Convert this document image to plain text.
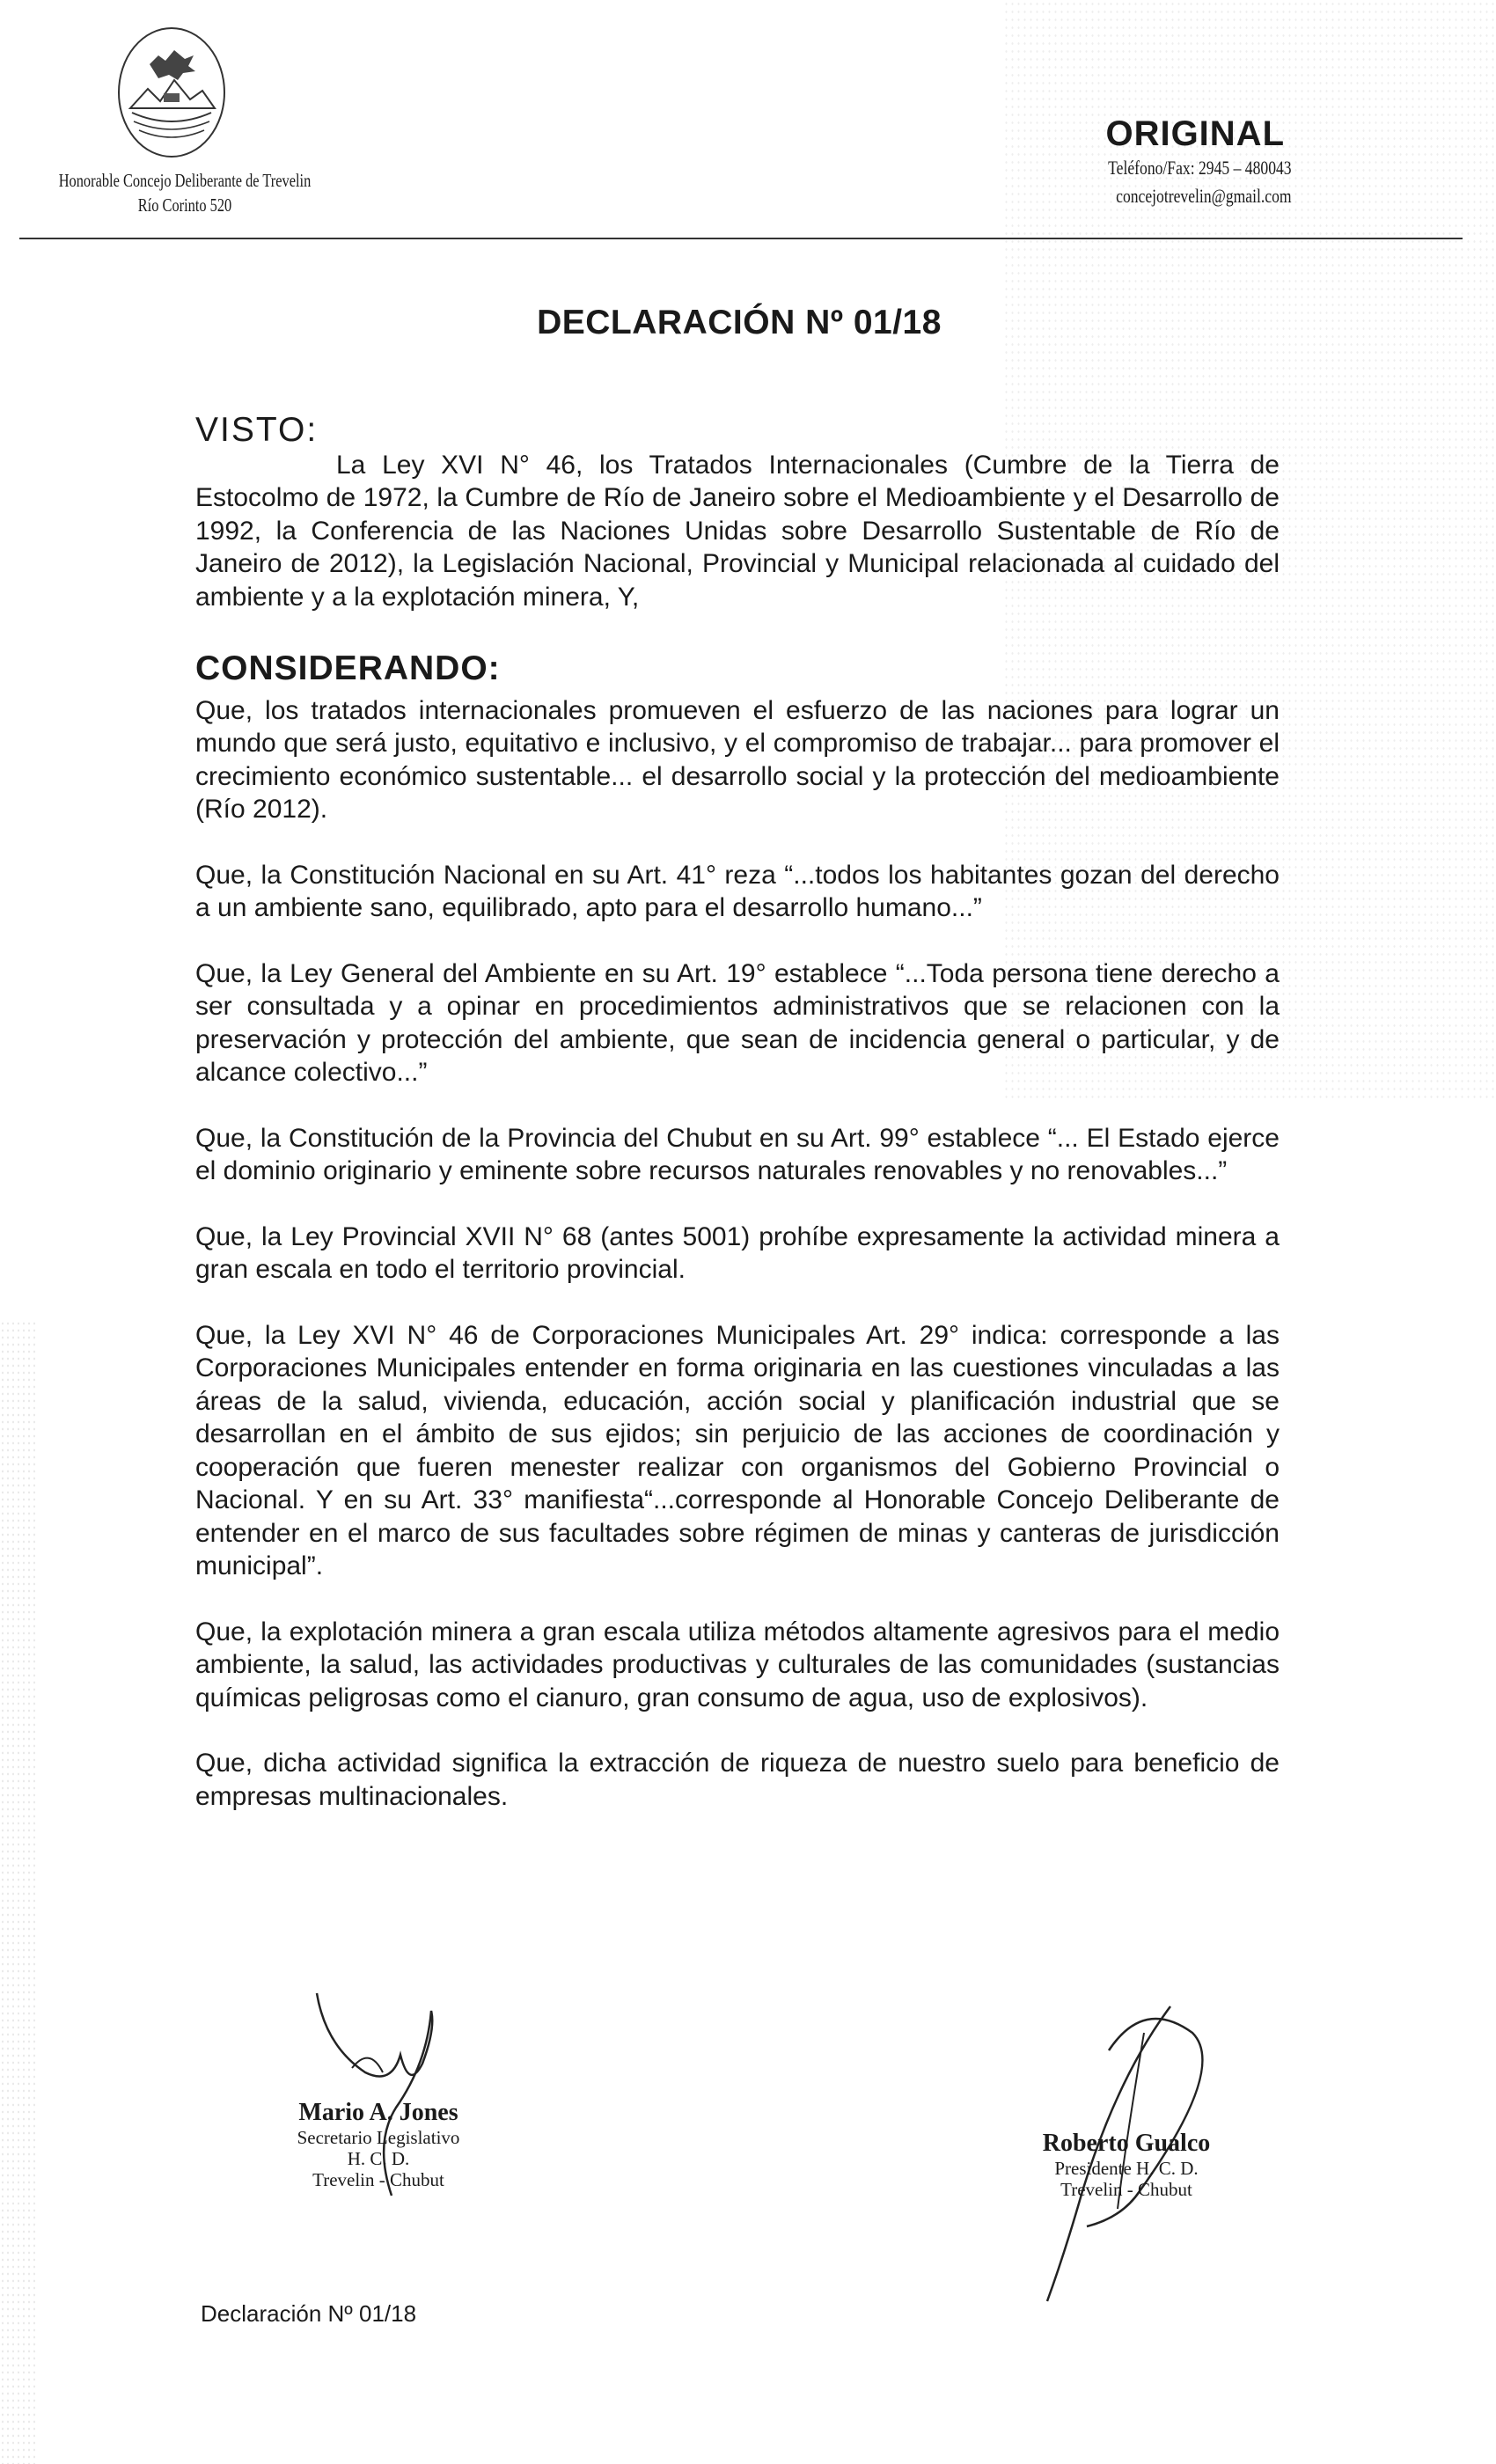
Honorable Concejo Deliberante de Trevelin
Río Corinto 520
ORIGINAL
Teléfono/Fax: 2945 – 480043
concejotrevelin@gmail.com
DECLARACIÓN Nº 01/18
VISTO:

La Ley XVI N° 46, los Tratados Internacionales (Cumbre de la Tierra de Estocolmo de 1972, la Cumbre de Río de Janeiro sobre el Medioambiente y el Desarrollo de 1992, la Conferencia de las Naciones Unidas sobre Desarrollo Sustentable de Río de Janeiro de 2012), la Legislación Nacional, Provincial y Municipal relacionada al cuidado del ambiente y a la explotación minera, Y,

CONSIDERANDO:

Que, los tratados internacionales promueven el esfuerzo de las naciones para lograr un mundo que será justo, equitativo e inclusivo, y el compromiso de trabajar... para promover el crecimiento económico sustentable... el desarrollo social y la protección del medioambiente (Río 2012).

Que, la Constitución Nacional en su Art. 41° reza “...todos los habitantes gozan del derecho a un ambiente sano, equilibrado, apto para el desarrollo humano...”

Que, la Ley General del Ambiente en su Art. 19° establece “...Toda persona tiene derecho a ser consultada y a opinar en procedimientos administrativos que se relacionen con la preservación y protección del ambiente, que sean de incidencia general o particular, y de alcance colectivo...”

Que, la Constitución de la Provincia del Chubut en su Art. 99° establece “... El Estado ejerce el dominio originario y eminente sobre recursos naturales renovables y no renovables...”

Que, la Ley Provincial XVII N° 68 (antes 5001) prohíbe expresamente la actividad minera a gran escala en todo el territorio provincial.

Que, la Ley XVI N° 46 de Corporaciones Municipales Art. 29° indica: corresponde a las Corporaciones Municipales entender en forma originaria en las cuestiones vinculadas a las áreas de la salud, vivienda, educación, acción social y planificación industrial que se desarrollan en el ámbito de sus ejidos; sin perjuicio de las acciones de coordinación y cooperación que fueren menester realizar con organismos del Gobierno Provincial o Nacional. Y en su Art. 33° manifiesta“...corresponde al Honorable Concejo Deliberante de entender en el marco de sus facultades sobre régimen de minas y canteras de jurisdicción municipal”.

Que, la explotación minera a gran escala utiliza métodos altamente agresivos para el medio ambiente, la salud, las actividades productivas y culturales de las comunidades (sustancias químicas peligrosas como el cianuro, gran consumo de agua, uso de explosivos).

Que, dicha actividad significa la extracción de riqueza de nuestro suelo para beneficio de empresas multinacionales.

Mario A. Jones
Secretario Legislativo
H. C. D.
Trevelin - Chubut
Roberto Gualco
Presidente H. C. D.
Trevelin - Chubut
Declaración Nº 01/18
